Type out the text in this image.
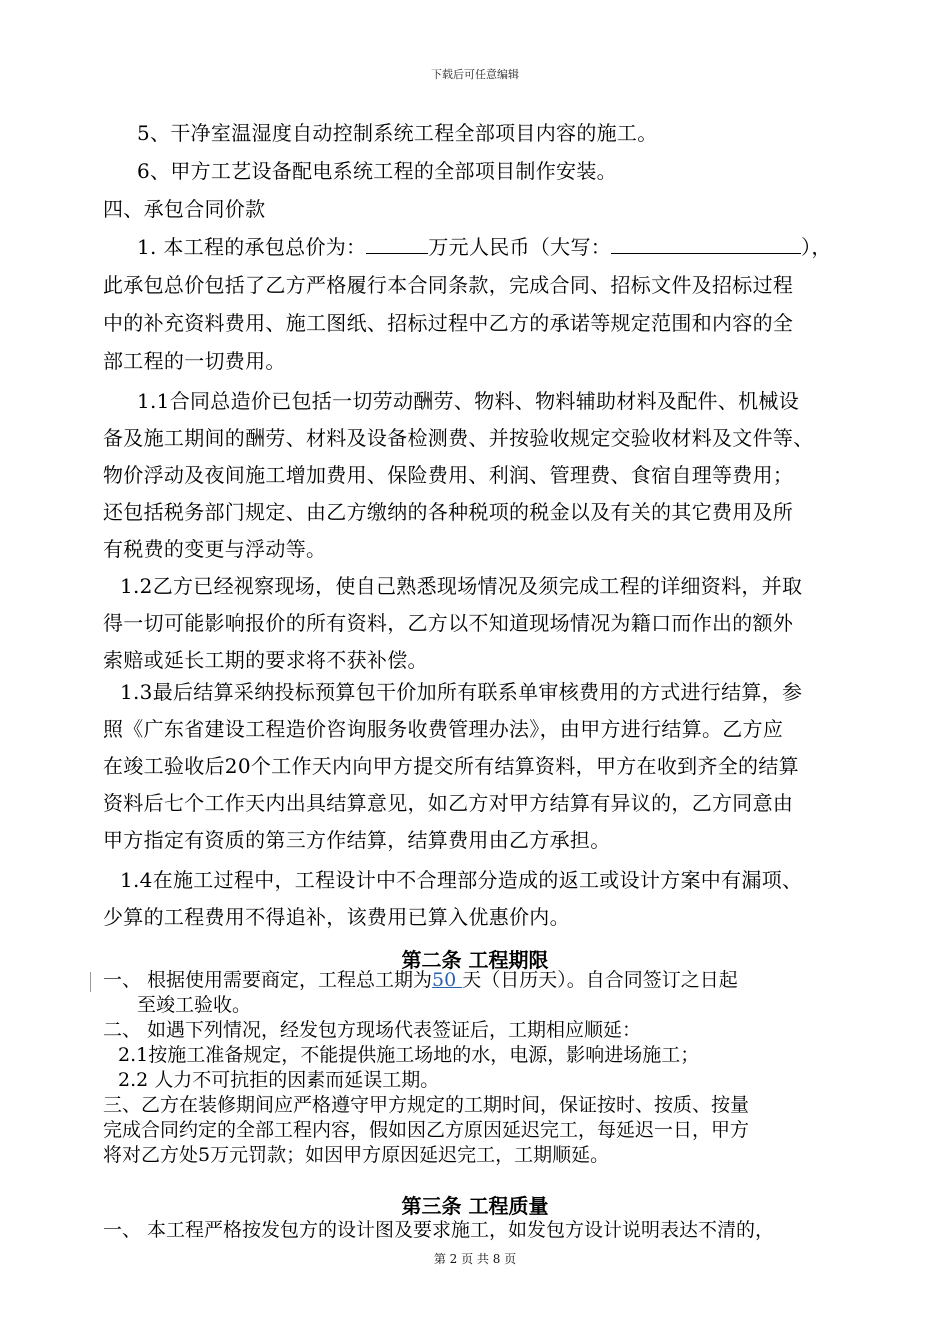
下载后可任意编辑
5、干净室温湿度自动控制系统工程全部项目内容的施工。
6、甲方工艺设备配电系统工程的全部项目制作安装。
四、承包合同价款
1. 本工程的承包总价为：	万元人民币（大写：	），
此承包总价包括了乙方严格履行本合同条款，完成合同、招标文件及招标过程
中的补充资料费用、施工图纸、招标过程中乙方的承诺等规定范围和内容的全
部工程的一切费用。
1.1合同总造价已包括一切劳动酬劳、物料、物料辅助材料及配件、机械设
备及施工期间的酬劳、材料及设备检测费、并按验收规定交验收材料及文件等、
物价浮动及夜间施工增加费用、保险费用、利润、管理费、食宿自理等费用；
还包括税务部门规定、由乙方缴纳的各种税项的税金以及有关的其它费用及所
有税费的变更与浮动等。
1.2乙方已经视察现场，使自己熟悉现场情况及须完成工程的详细资料，并取
得一切可能影响报价的所有资料，乙方以不知道现场情况为籍口而作出的额外
索赔或延长工期的要求将不获补偿。
1.3最后结算采纳投标预算包干价加所有联系单审核费用的方式进行结算，参
照《广东省建设工程造价咨询服务收费管理办法》，由甲方进行结算。乙方应
在竣工验收后20个工作天内向甲方提交所有结算资料，甲方在收到齐全的结算
资料后七个工作天内出具结算意见，如乙方对甲方结算有异议的，乙方同意由
甲方指定有资质的第三方作结算，结算费用由乙方承担。
1.4在施工过程中，工程设计中不合理部分造成的返工或设计方案中有漏项、
少算的工程费用不得追补，该费用已算入优惠价内。
第二条 工程期限
一、 根据使用需要商定，工程总工期为50 天（日历天）。自合同签订之日起
至竣工验收。
二、 如遇下列情况，经发包方现场代表签证后，工期相应顺延：
2.1按施工准备规定，不能提供施工场地的水，电源，影响进场施工；
2.2 人力不可抗拒的因素而延误工期。
三、乙方在装修期间应严格遵守甲方规定的工期时间，保证按时、按质、按量
完成合同约定的全部工程内容，假如因乙方原因延迟完工，每延迟一日，甲方
将对乙方处5万元罚款；如因甲方原因延迟完工，工期顺延。
第三条 工程质量
一、 本工程严格按发包方的设计图及要求施工，如发包方设计说明表达不清的，
第 2 页 共 8 页
